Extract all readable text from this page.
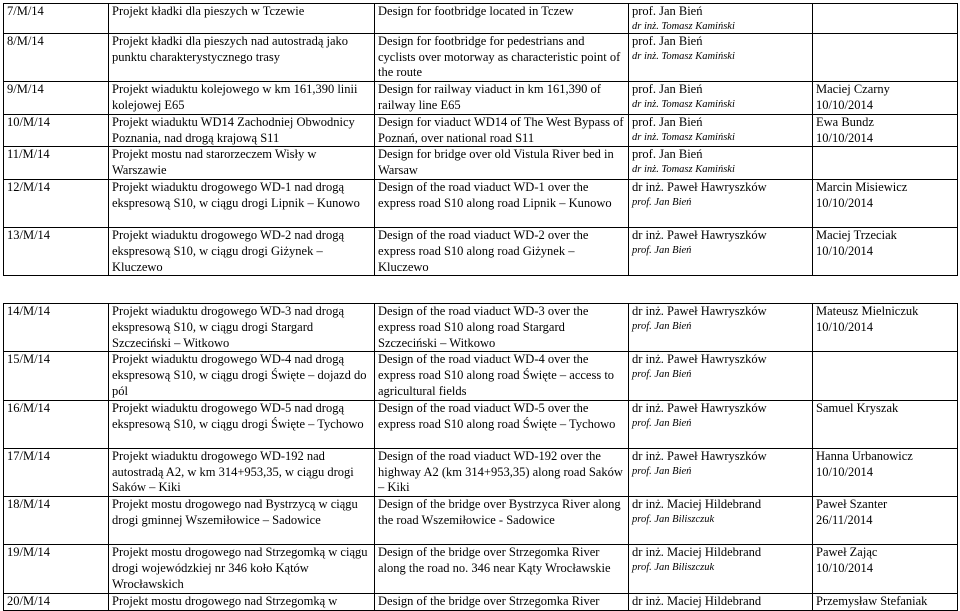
7/M/14	Projekt kładki dla pieszych w Tczewie	Design for footbridge located in Tczew	prof. Jan Bień
dr inż. Tomasz Kamiński	

8/M/14	Projekt kładki dla pieszych nad autostradą jako punktu charakterystycznego trasy	Design for footbridge for pedestrians and cyclists over motorway as characteristic point of the route	prof. Jan Bień
dr inż. Tomasz Kamiński	

9/M/14	Projekt wiaduktu kolejowego w km 161,390 linii kolejowej E65	Design for railway viaduct in km 161,390 of railway line E65	prof. Jan Bień
dr inż. Tomasz Kamiński	Maciej Czarny
10/10/2014

10/M/14	Projekt wiaduktu WD14 Zachodniej Obwodnicy Poznania, nad drogą krajową S11	Design for viaduct WD14 of The West Bypass of Poznań, over national road S11	prof. Jan Bień
dr inż. Tomasz Kamiński	Ewa Bundz
10/10/2014

11/M/14	Projekt mostu nad starorzeczem Wisły w Warszawie	Design for bridge over old Vistula River bed in Warsaw	prof. Jan Bień
dr inż. Tomasz Kamiński	

12/M/14	Projekt wiaduktu drogowego WD-1 nad drogą ekspresową S10, w ciągu drogi Lipnik – Kunowo	Design of the road viaduct WD-1 over the express road S10 along road Lipnik – Kunowo	dr inż. Paweł Hawryszków
prof. Jan Bień	Marcin Misiewicz
10/10/2014

13/M/14	Projekt wiaduktu drogowego WD-2 nad drogą ekspresową S10, w ciągu drogi Giżynek – Kluczewo	Design of the road viaduct WD-2 over the express road S10 along road Giżynek – Kluczewo	dr inż. Paweł Hawryszków
prof. Jan Bień	Maciej Trzeciak
10/10/2014
14/M/14	Projekt wiaduktu drogowego WD-3 nad drogą ekspresową S10, w ciągu drogi Stargard Szczeciński – Witkowo	Design of the road viaduct WD-3 over the express road S10 along road Stargard Szczeciński – Witkowo	dr inż. Paweł Hawryszków
prof. Jan Bień	Mateusz Mielniczuk
10/10/2014

15/M/14	Projekt wiaduktu drogowego WD-4 nad drogą ekspresową S10, w ciągu drogi Święte – dojazd do pól	Design of the road viaduct WD-4 over the express road S10 along road Święte – access to agricultural fields	dr inż. Paweł Hawryszków
prof. Jan Bień	

16/M/14	Projekt wiaduktu drogowego WD-5 nad drogą ekspresową S10, w ciągu drogi Święte – Tychowo	Design of the road viaduct WD-5 over the express road S10 along road Święte – Tychowo	dr inż. Paweł Hawryszków
prof. Jan Bień	Samuel Kryszak

17/M/14	Projekt wiaduktu drogowego WD-192 nad autostradą A2, w km 314+953,35, w ciągu drogi Saków – Kiki	Design of the road viaduct WD-192 over the highway A2 (km 314+953,35) along road Saków – Kiki	dr inż. Paweł Hawryszków
prof. Jan Bień	Hanna Urbanowicz
10/10/2014

18/M/14	Projekt mostu drogowego nad Bystrzycą w ciągu drogi gminnej Wszemiłowice – Sadowice	Design of the bridge over Bystrzyca River along the road Wszemiłowice - Sadowice	dr inż. Maciej Hildebrand
prof. Jan Biliszczuk	Paweł Szanter
26/11/2014

19/M/14	Projekt mostu drogowego nad Strzegomką w ciągu drogi wojewódzkiej nr 346 koło Kątów Wrocławskich	Design of the bridge over Strzegomka River along the road no. 346 near Kąty Wrocławskie	dr inż. Maciej Hildebrand
prof. Jan Biliszczuk	Paweł Zając
10/10/2014

20/M/14	Projekt mostu drogowego nad Strzegomką w	Design of the bridge over Strzegomka River	dr inż. Maciej Hildebrand	Przemysław Stefaniak
